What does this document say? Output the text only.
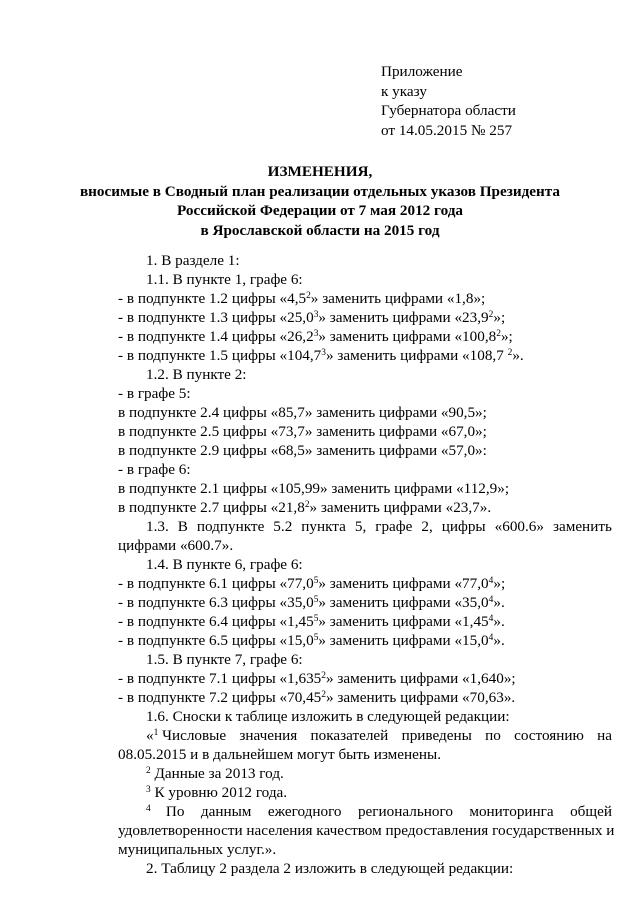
Приложение
к указу
Губернатора области
от 14.05.2015 № 257
ИЗМЕНЕНИЯ,
вносимые в Сводный план реализации отдельных указов Президента
Российской Федерации от 7 мая 2012 года
в Ярославской области на 2015 год
1. В разделе 1:
1.1. В пункте 1, графе 6:
- в подпункте 1.2 цифры «$4,5^2$» заменить цифрами «1,8»;
- в подпункте 1.3 цифры «25,0$^3$» заменить цифрами «23,9$^2$»;
- в подпункте 1.4 цифры «26,2$^3$» заменить цифрами «100,8$^2$»;
- в подпункте 1.5 цифры «104,7$^3$» заменить цифрами «108,7 $^2$».
1.2. В пункте 2:
- в графе 5:
в подпункте 2.4 цифры «85,7» заменить цифрами «90,5»;
в подпункте 2.5 цифры «73,7» заменить цифрами «67,0»;
в подпункте 2.9 цифры «68,5» заменить цифрами «57,0»:
- в графе 6:
в подпункте 2.1 цифры «105,99» заменить цифрами «112,9»;
в подпункте 2.7 цифры «21,8$^2$» заменить цифрами «23,7».
1.3. В подпункте 5.2 пункта 5, графе 2, цифры «600.6» заменить
цифрами «600.7».
1.4. В пункте 6, графе 6:
- в подпункте 6.1 цифры «77,0$^5$» заменить цифрами «77,0$^4$»;
- в подпункте 6.3 цифры «35,0$^5$» заменить цифрами «35,0$^4$».
- в подпункте 6.4 цифры «1,45$^5$» заменить цифрами «1,45$^4$».
- в подпункте 6.5 цифры «15,0$^5$» заменить цифрами «15,0$^4$».
1.5. В пункте 7, графе 6:
- в подпункте 7.1 цифры «1,635$^2$» заменить цифрами «1,640»;
- в подпункте 7.2 цифры «70,45$^2$» заменить цифрами «70,63».
1.6. Сноски к таблице изложить в следующей редакции:
«$^1$ Числовые значения показателей приведены по состоянию на
08.05.2015 и в дальнейшем могут быть изменены.
$^2$ Данные за 2013 год.
$^3$ К уровню 2012 года.
$^4$ По данным ежегодного регионального мониторинга общей
удовлетворенности населения качеством предоставления государственных и
муниципальных услуг.».
2. Таблицу 2 раздела 2 изложить в следующей редакции:
